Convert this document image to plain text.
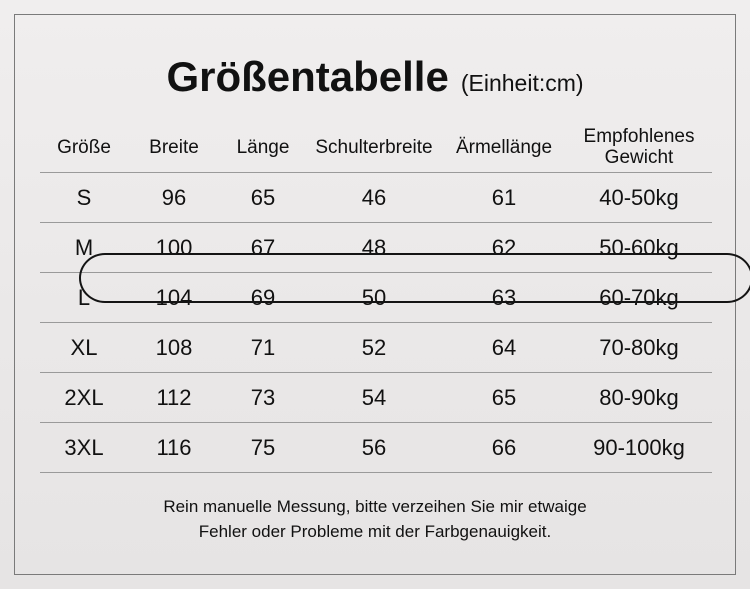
Größentabelle (Einheit:cm)
Größe	Breite	Länge	Schulterbreite	Ärmellänge	Empfohlenes
Gewicht
S	96	65	46	61	40-50kg
M	100	67	48	62	50-60kg
L	104	69	50	63	60-70kg
XL	108	71	52	64	70-80kg
2XL	112	73	54	65	80-90kg
3XL	116	75	56	66	90-100kg
Rein manuelle Messung, bitte verzeihen Sie mir etwaige
Fehler oder Probleme mit der Farbgenauigkeit.
